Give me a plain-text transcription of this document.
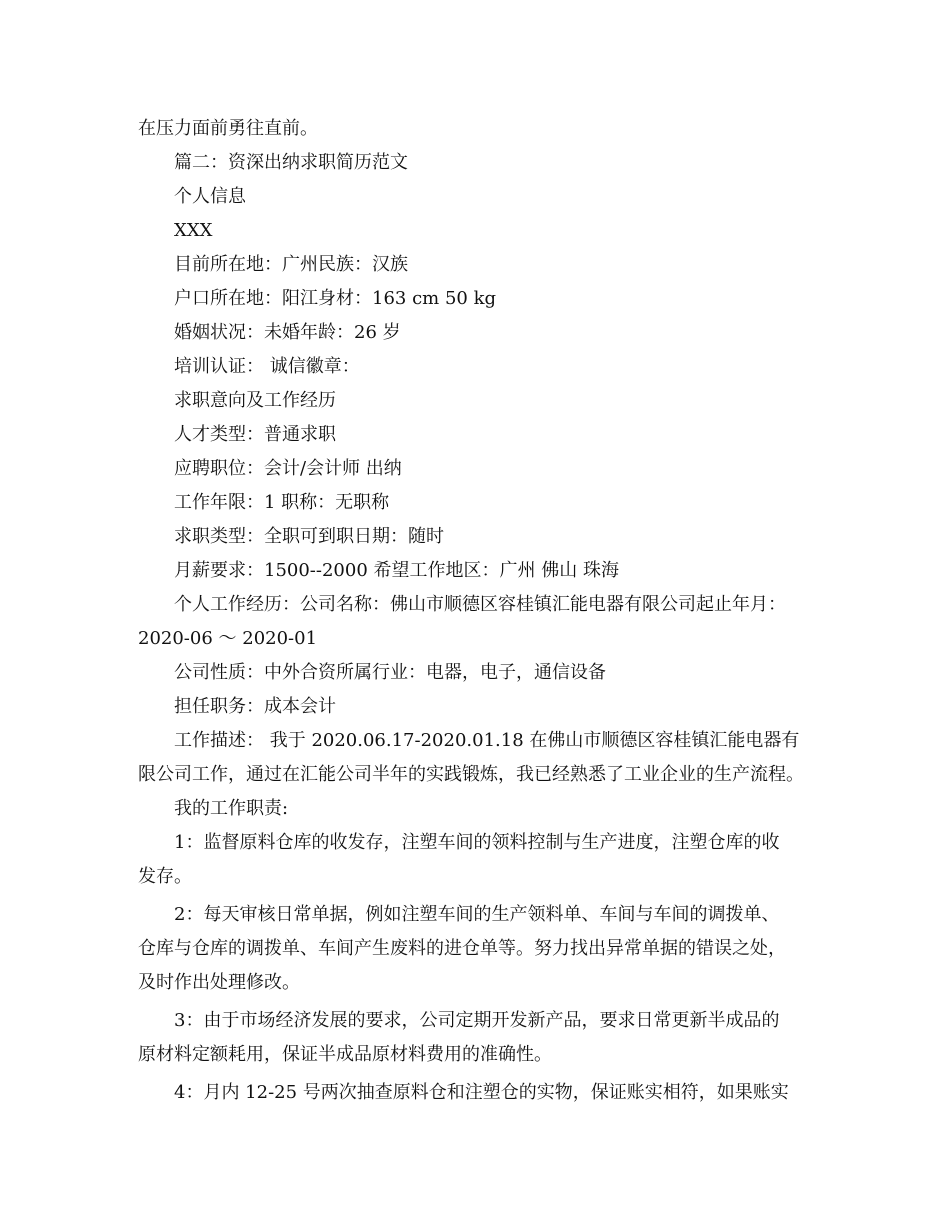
在压力面前勇往直前。

篇二：资深出纳求职简历范文

个人信息

XXX

目前所在地：广州民族：汉族

户口所在地：阳江身材：163 cm 50 kg

婚姻状况：未婚年龄：26 岁

培训认证： 诚信徽章：

求职意向及工作经历

人才类型：普通求职

应聘职位：会计/会计师 出纳

工作年限：1 职称：无职称

求职类型：全职可到职日期：随时

月薪要求：1500--2000 希望工作地区：广州 佛山 珠海

个人工作经历：公司名称：佛山市顺德区容桂镇汇能电器有限公司起止年月：

2020-06 ～ 2020-01

公司性质：中外合资所属行业：电器，电子，通信设备

担任职务：成本会计

工作描述： 我于 2020.06.17-2020.01.18 在佛山市顺德区容桂镇汇能电器有

限公司工作，通过在汇能公司半年的实践锻炼，我已经熟悉了工业企业的生产流程。

我的工作职责:

1：监督原料仓库的收发存，注塑车间的领料控制与生产进度，注塑仓库的收

发存。

2：每天审核日常单据，例如注塑车间的生产领料单、车间与车间的调拨单、

仓库与仓库的调拨单、车间产生废料的进仓单等。努力找出异常单据的错误之处，

及时作出处理修改。

3：由于市场经济发展的要求，公司定期开发新产品，要求日常更新半成品的

原材料定额耗用，保证半成品原材料费用的准确性。

4：月内 12-25 号两次抽查原料仓和注塑仓的实物，保证账实相符，如果账实
